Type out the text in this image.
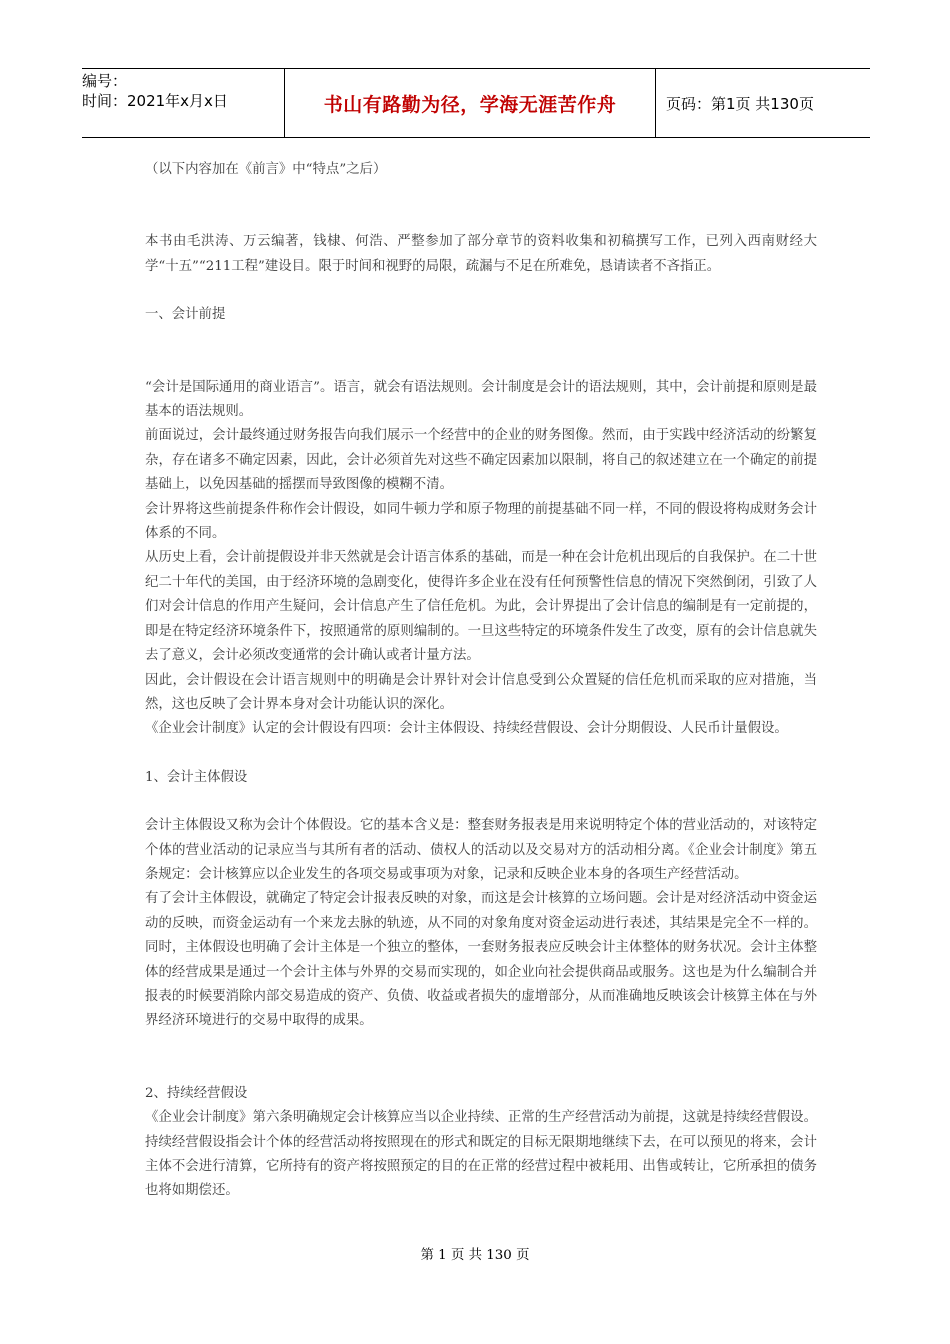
编号：
时间：2021年x月x日	书山有路勤为径，学海无涯苦作舟	页码：第1页 共130页

（以下内容加在《前言》中“特点”之后）

本书由毛洪涛、万云编著，钱棣、何浩、严整参加了部分章节的资料收集和初稿撰写工作，已列入西南财经大学“十五”“211工程”建设目。限于时间和视野的局限，疏漏与不足在所难免，恳请读者不吝指正。

一、会计前提

“会计是国际通用的商业语言”。语言，就会有语法规则。会计制度是会计的语法规则，其中，会计前提和原则是最基本的语法规则。

前面说过，会计最终通过财务报告向我们展示一个经营中的企业的财务图像。然而，由于实践中经济活动的纷繁复杂，存在诸多不确定因素，因此，会计必须首先对这些不确定因素加以限制，将自己的叙述建立在一个确定的前提基础上，以免因基础的摇摆而导致图像的模糊不清。

会计界将这些前提条件称作会计假设，如同牛顿力学和原子物理的前提基础不同一样，不同的假设将构成财务会计体系的不同。

从历史上看，会计前提假设并非天然就是会计语言体系的基础，而是一种在会计危机出现后的自我保护。在二十世纪二十年代的美国，由于经济环境的急剧变化，使得许多企业在没有任何预警性信息的情况下突然倒闭，引致了人们对会计信息的作用产生疑问，会计信息产生了信任危机。为此，会计界提出了会计信息的编制是有一定前提的，即是在特定经济环境条件下，按照通常的原则编制的。一旦这些特定的环境条件发生了改变，原有的会计信息就失去了意义，会计必须改变通常的会计确认或者计量方法。

因此，会计假设在会计语言规则中的明确是会计界针对会计信息受到公众置疑的信任危机而采取的应对措施，当然，这也反映了会计界本身对会计功能认识的深化。

《企业会计制度》认定的会计假设有四项：会计主体假设、持续经营假设、会计分期假设、人民币计量假设。

1、会计主体假设

会计主体假设又称为会计个体假设。它的基本含义是：整套财务报表是用来说明特定个体的营业活动的，对该特定个体的营业活动的记录应当与其所有者的活动、债权人的活动以及交易对方的活动相分离。《企业会计制度》第五条规定：会计核算应以企业发生的各项交易或事项为对象，记录和反映企业本身的各项生产经营活动。

有了会计主体假设，就确定了特定会计报表反映的对象，而这是会计核算的立场问题。会计是对经济活动中资金运动的反映，而资金运动有一个来龙去脉的轨迹，从不同的对象角度对资金运动进行表述，其结果是完全不一样的。同时，主体假设也明确了会计主体是一个独立的整体，一套财务报表应反映会计主体整体的财务状况。会计主体整体的经营成果是通过一个会计主体与外界的交易而实现的，如企业向社会提供商品或服务。这也是为什么编制合并报表的时候要消除内部交易造成的资产、负债、收益或者损失的虚增部分，从而准确地反映该会计核算主体在与外界经济环境进行的交易中取得的成果。

2、持续经营假设

《企业会计制度》第六条明确规定会计核算应当以企业持续、正常的生产经营活动为前提，这就是持续经营假设。持续经营假设指会计个体的经营活动将按照现在的形式和既定的目标无限期地继续下去，在可以预见的将来，会计主体不会进行清算，它所持有的资产将按照预定的目的在正常的经营过程中被耗用、出售或转让，它所承担的债务也将如期偿还。

第 1 页 共 130 页
